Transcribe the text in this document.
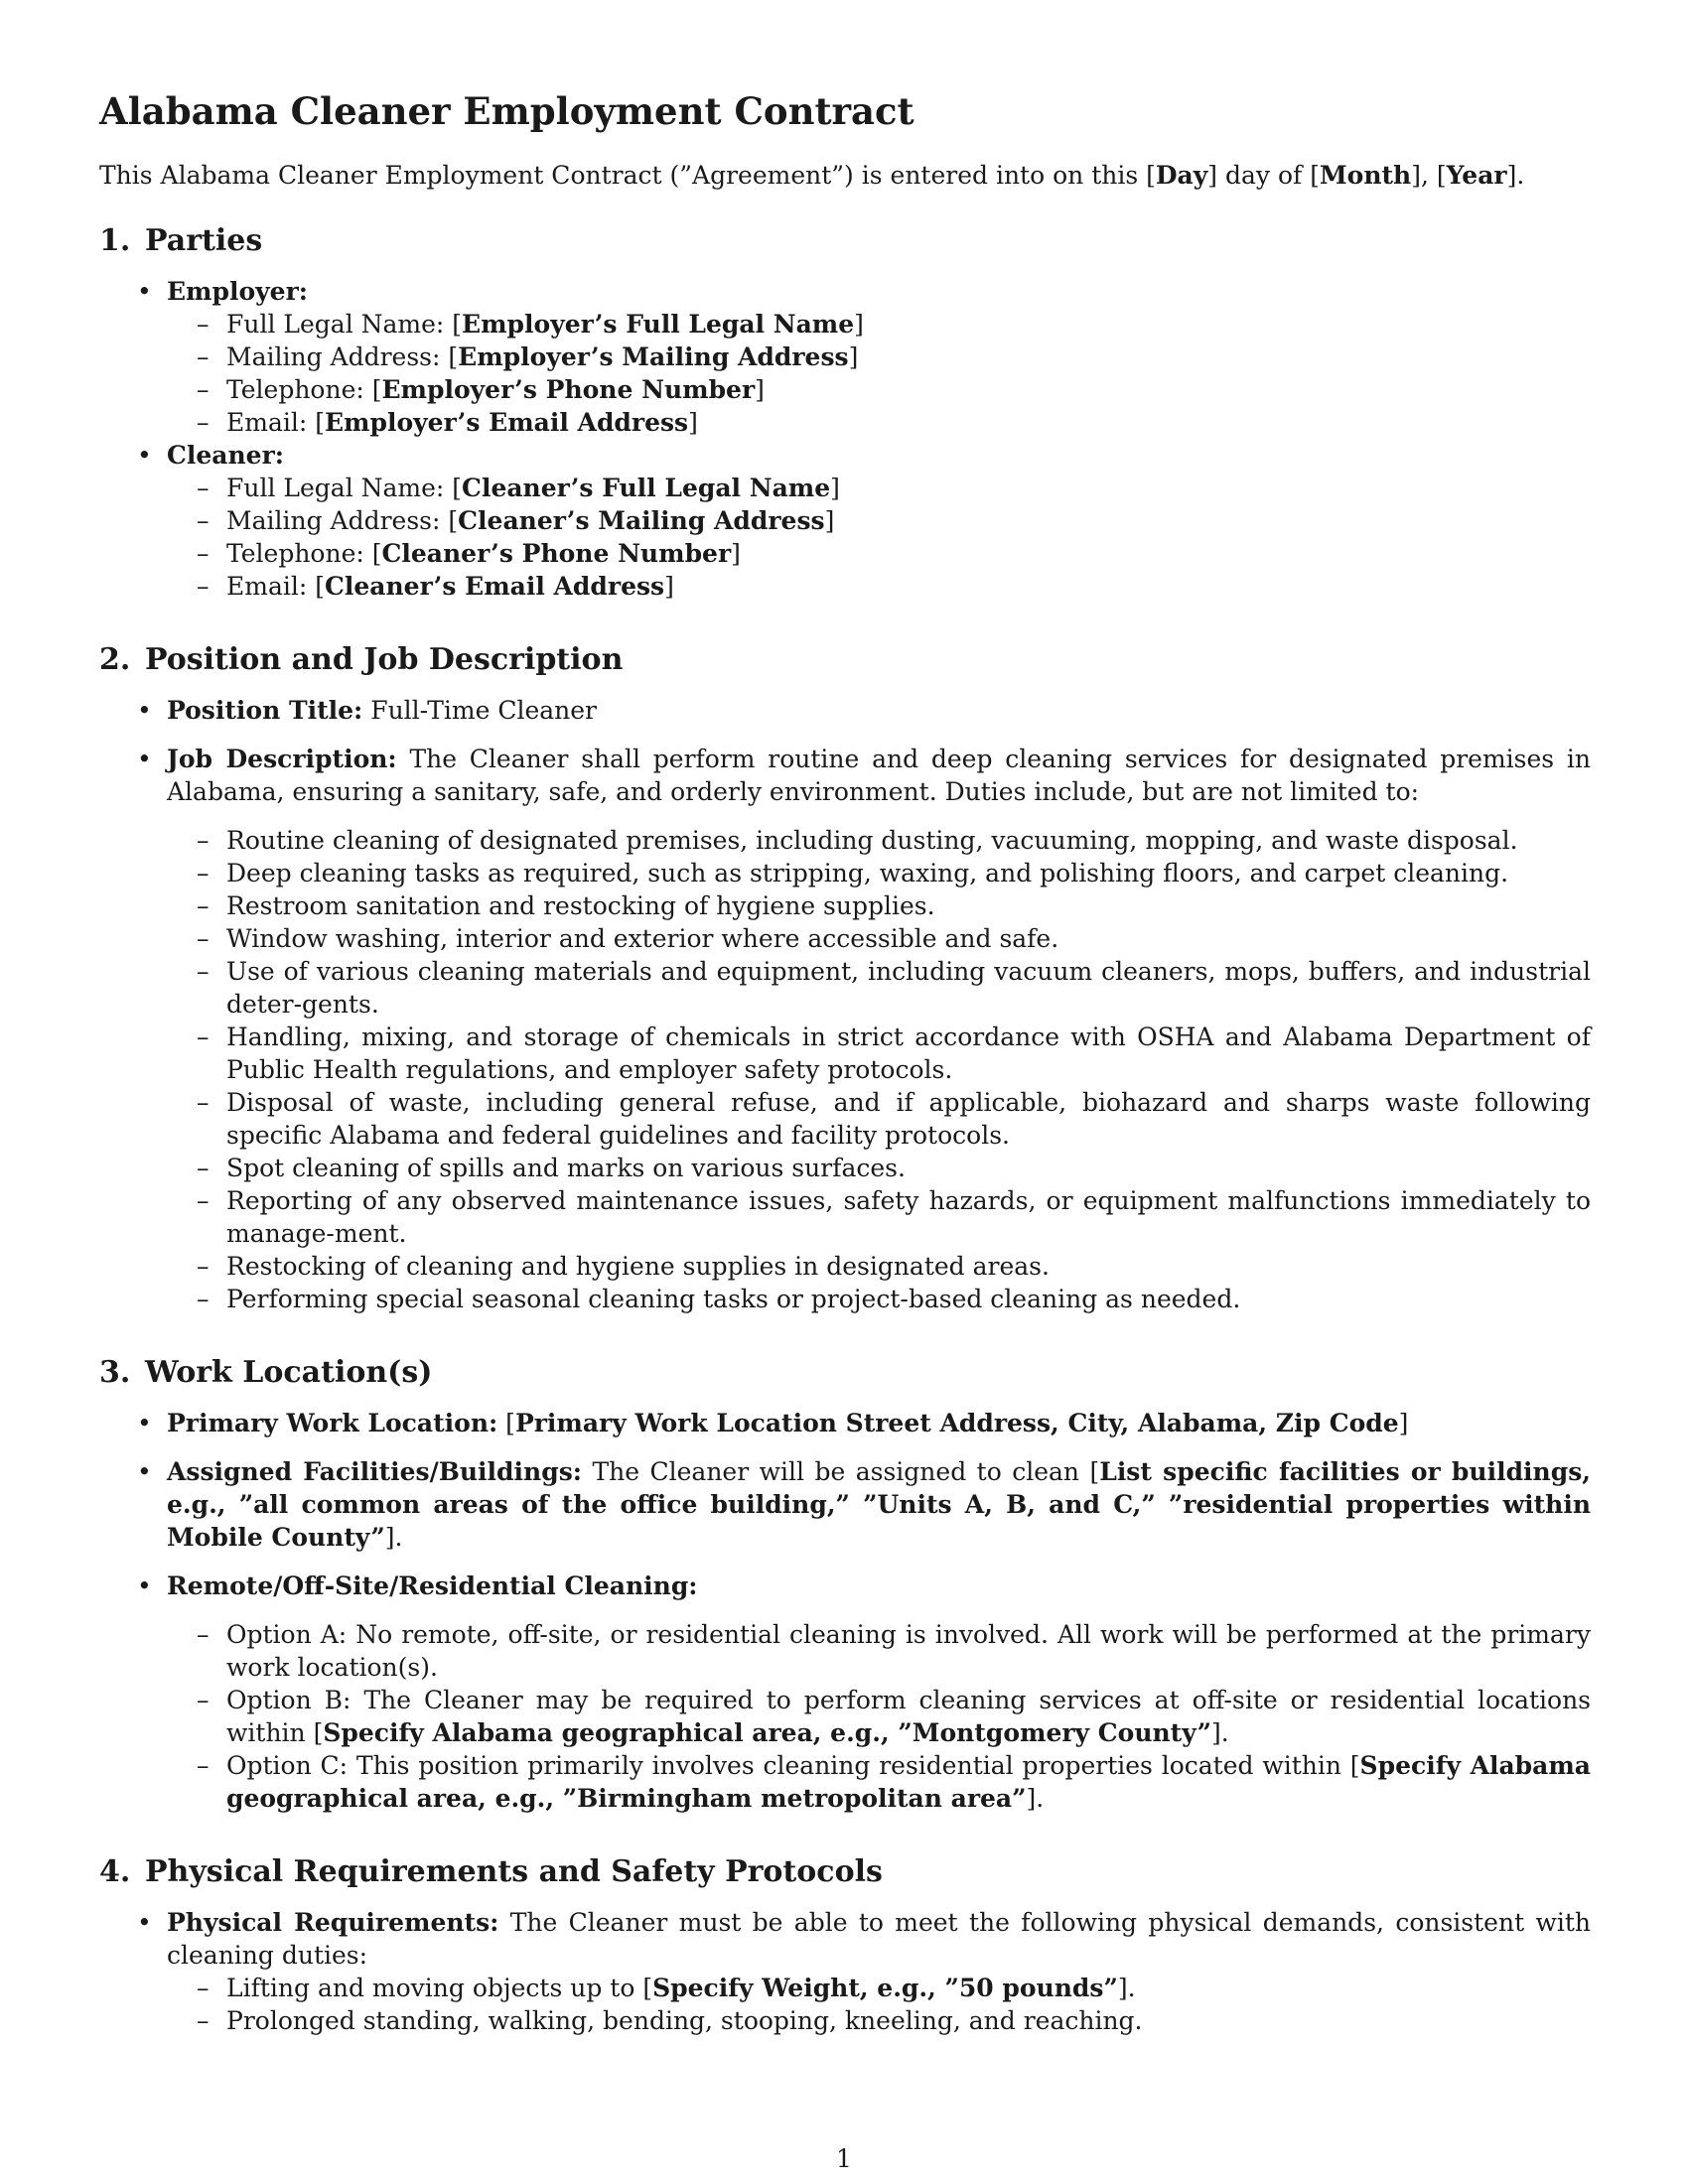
Alabama Cleaner Employment Contract

This Alabama Cleaner Employment Contract (”Agreement”) is entered into on this [Day] day of [Month], [Year].

1. Parties
• Employer:
– Full Legal Name: [Employer’s Full Legal Name]
– Mailing Address: [Employer’s Mailing Address]
– Telephone: [Employer’s Phone Number]
– Email: [Employer’s Email Address]
• Cleaner:
– Full Legal Name: [Cleaner’s Full Legal Name]
– Mailing Address: [Cleaner’s Mailing Address]
– Telephone: [Cleaner’s Phone Number]
– Email: [Cleaner’s Email Address]
2. Position and Job Description
• Position Title: Full-Time Cleaner
• Job Description: The Cleaner shall perform routine and deep cleaning services for designated premises in Alabama, ensuring a sanitary, safe, and orderly environment. Duties include, but are not limited to:
– Routine cleaning of designated premises, including dusting, vacuuming, mopping, and waste disposal.
– Deep cleaning tasks as required, such as stripping, waxing, and polishing floors, and carpet cleaning.
– Restroom sanitation and restocking of hygiene supplies.
– Window washing, interior and exterior where accessible and safe.
– Use of various cleaning materials and equipment, including vacuum cleaners, mops, buffers, and industrial deter-gents.
– Handling, mixing, and storage of chemicals in strict accordance with OSHA and Alabama Department of Public Health regulations, and employer safety protocols.
– Disposal of waste, including general refuse, and if applicable, biohazard and sharps waste following specific Alabama and federal guidelines and facility protocols.
– Spot cleaning of spills and marks on various surfaces.
– Reporting of any observed maintenance issues, safety hazards, or equipment malfunctions immediately to manage-ment.
– Restocking of cleaning and hygiene supplies in designated areas.
– Performing special seasonal cleaning tasks or project-based cleaning as needed.
3. Work Location(s)
• Primary Work Location: [Primary Work Location Street Address, City, Alabama, Zip Code]
• Assigned Facilities/Buildings: The Cleaner will be assigned to clean [List specific facilities or buildings, e.g., ”all common areas of the office building,” ”Units A, B, and C,” ”residential properties within Mobile County”].
• Remote/Off-Site/Residential Cleaning:
– Option A: No remote, off-site, or residential cleaning is involved. All work will be performed at the primary work location(s).
– Option B: The Cleaner may be required to perform cleaning services at off-site or residential locations within [Specify Alabama geographical area, e.g., ”Montgomery County”].
– Option C: This position primarily involves cleaning residential properties located within [Specify Alabama geographical area, e.g., ”Birmingham metropolitan area”].
4. Physical Requirements and Safety Protocols
• Physical Requirements: The Cleaner must be able to meet the following physical demands, consistent with cleaning duties:
– Lifting and moving objects up to [Specify Weight, e.g., ”50 pounds”].
– Prolonged standing, walking, bending, stooping, kneeling, and reaching.
1
